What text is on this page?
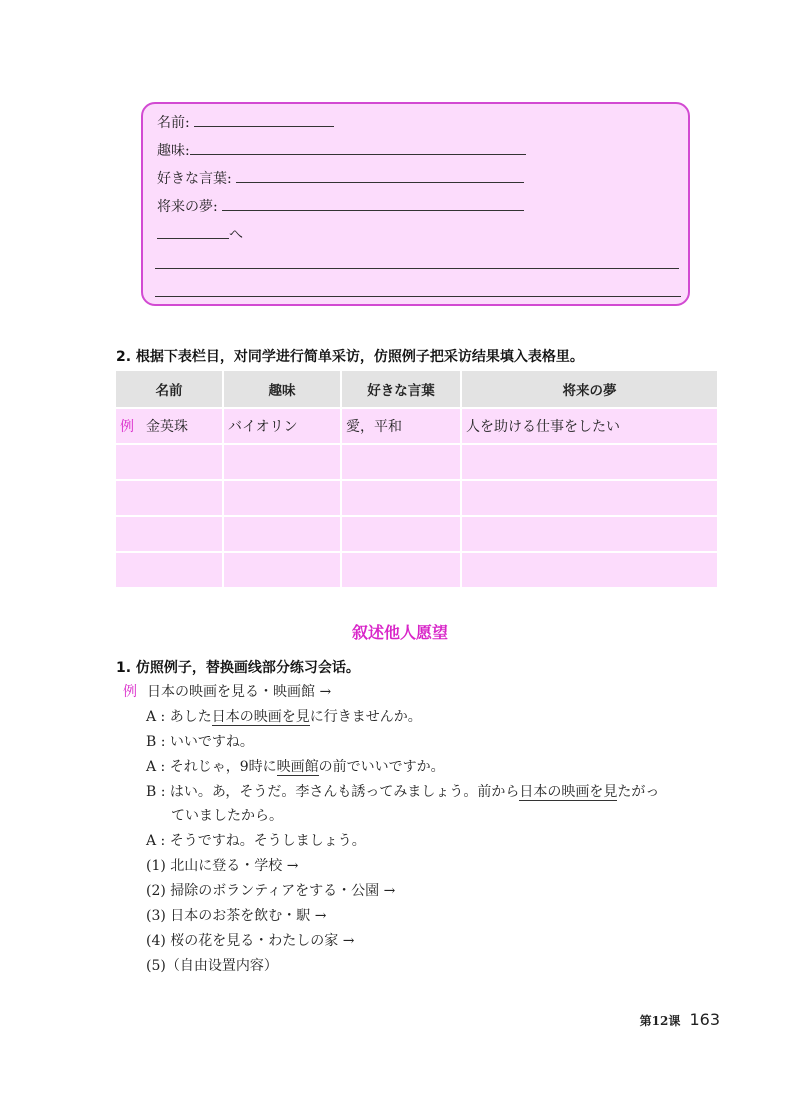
名前:
趣味:
好きな言葉:
将来の夢:
へ
2. 根据下表栏目，对同学进行简单采访，仿照例子把采访结果填入表格里。
名前	趣味	好きな言葉	将来の夢
例 金英珠	バイオリン	愛，平和	人を助ける仕事をしたい

叙述他人愿望
1. 仿照例子，替换画线部分练习会话。
例 日本の映画を見る・映画館 →
A : あした日本の映画を見に行きませんか。
B : いいですね。
A : それじゃ，9時に映画館の前でいいですか。
B : はい。あ，そうだ。李さんも誘ってみましょう。前から日本の映画を見たがっ
ていましたから。
A : そうですね。そうしましょう。
(1) 北山に登る・学校 →
(2) 掃除のボランティアをする・公園 →
(3) 日本のお茶を飲む・駅 →
(4) 桜の花を見る・わたしの家 →
(5)（自由设置内容）
第12课 163
